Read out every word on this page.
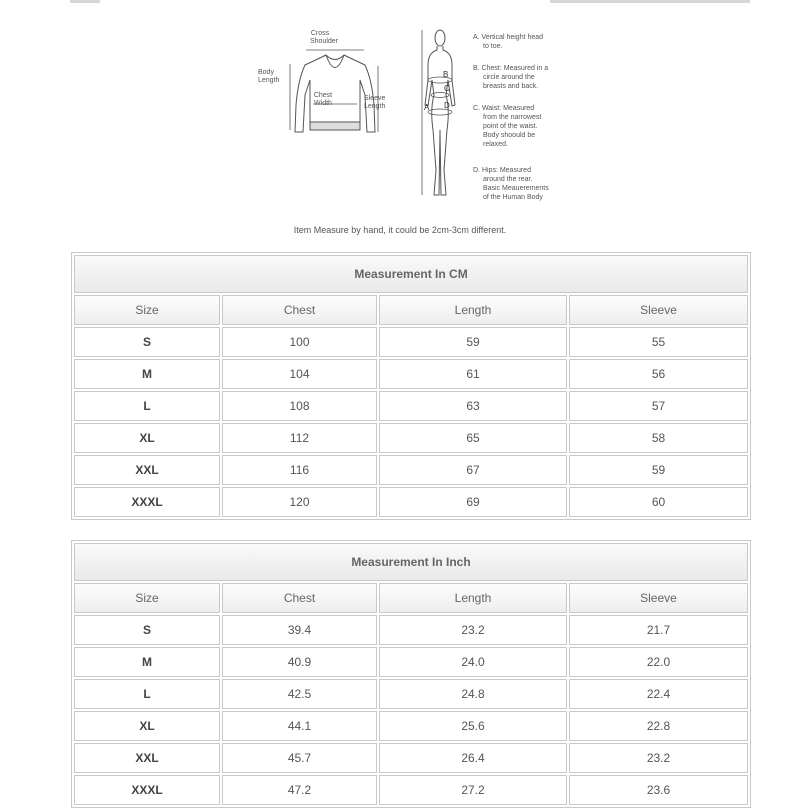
Cross
Shoulder
Body
Length
Chest
Width
Sleeve
Length	A
B
C
D
A. Vertical height head
to toe.
B. Chest: Measured in a
circle around the
breasts and back.
C. Waist: Measured
from the narrowest
point of the waist.
Body shoould be
relaxed.
D. Hips: Measured
around the rear.
Basic Meauerements
of the Human Body
Item Measure by hand, it could be 2cm-3cm different.
Measurement In CM			
Size	Chest	Length	Sleeve
S	100	59	55
M	104	61	56
L	108	63	57
XL	112	65	58
XXL	116	67	59
XXXL	120	69	60
Measurement In Inch			
Size	Chest	Length	Sleeve
S	39.4	23.2	21.7
M	40.9	24.0	22.0
L	42.5	24.8	22.4
XL	44.1	25.6	22.8
XXL	45.7	26.4	23.2
XXXL	47.2	27.2	23.6
